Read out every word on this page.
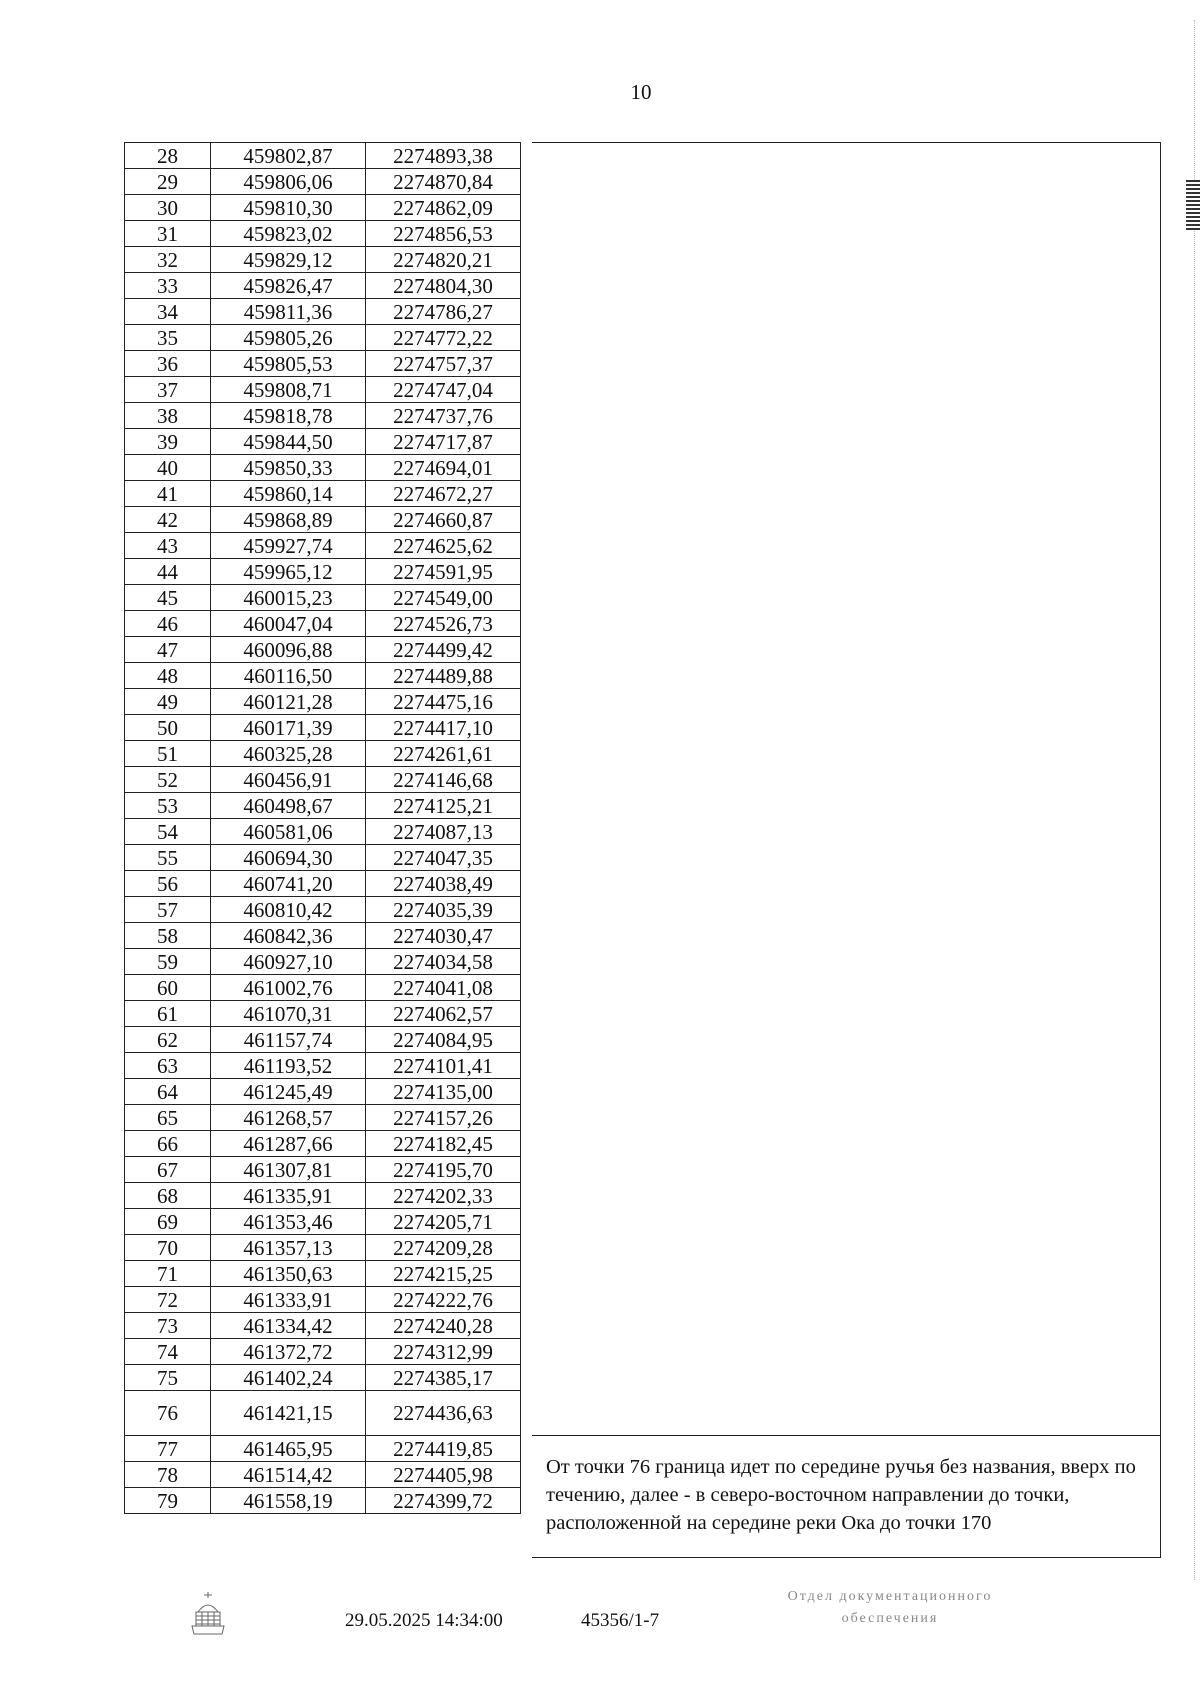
10
28	459802,87	2274893,38
29	459806,06	2274870,84
30	459810,30	2274862,09
31	459823,02	2274856,53
32	459829,12	2274820,21
33	459826,47	2274804,30
34	459811,36	2274786,27
35	459805,26	2274772,22
36	459805,53	2274757,37
37	459808,71	2274747,04
38	459818,78	2274737,76
39	459844,50	2274717,87
40	459850,33	2274694,01
41	459860,14	2274672,27
42	459868,89	2274660,87
43	459927,74	2274625,62
44	459965,12	2274591,95
45	460015,23	2274549,00
46	460047,04	2274526,73
47	460096,88	2274499,42
48	460116,50	2274489,88
49	460121,28	2274475,16
50	460171,39	2274417,10
51	460325,28	2274261,61
52	460456,91	2274146,68
53	460498,67	2274125,21
54	460581,06	2274087,13
55	460694,30	2274047,35
56	460741,20	2274038,49
57	460810,42	2274035,39
58	460842,36	2274030,47
59	460927,10	2274034,58
60	461002,76	2274041,08
61	461070,31	2274062,57
62	461157,74	2274084,95
63	461193,52	2274101,41
64	461245,49	2274135,00
65	461268,57	2274157,26
66	461287,66	2274182,45
67	461307,81	2274195,70
68	461335,91	2274202,33
69	461353,46	2274205,71
70	461357,13	2274209,28
71	461350,63	2274215,25
72	461333,91	2274222,76
73	461334,42	2274240,28
74	461372,72	2274312,99
75	461402,24	2274385,17
76	461421,15	2274436,63
77	461465,95	2274419,85
78	461514,42	2274405,98
79	461558,19	2274399,72
От точки 76 граница идет по середине ручья без названия, вверх по течению, далее - в северо-восточном направлении до точки, расположенной на середине реки Ока до точки 170
29.05.2025 14:34:00	45356/1-7
Отдел документационного
обеспечения
